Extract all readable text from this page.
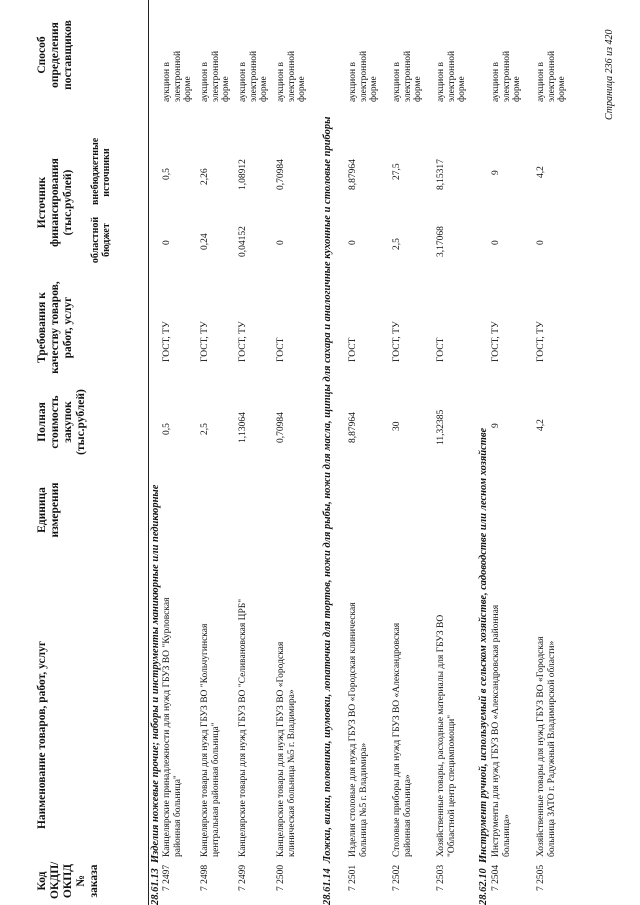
Код ОКДП/ ОКПД № заказа
Наименование товаров, работ, услуг
Единица измерения
Полная стоимость закупок (тыс.рублей)
Требования к качеству товаров, работ, услуг
Источник финансирования (тыс.рублей)
областной бюджет
внебюджетные источники
Способ определения поставщиков
28.61.13  Изделия ножевые прочие; наборы и инструменты маникюрные или педикюрные
7 2497
Канцелярские принадлежности для нужд ГБУЗ ВО "Курловская районная больница"
0,5
ГОСТ, ТУ
0
0,5
аукцион в электронной форме
7 2498
Канцелярские товары для нужд ГБУЗ ВО "Кольчугинская центральная районная больница"
2,5
ГОСТ, ТУ
0,24
2,26
аукцион в электронной форме
7 2499
Канцелярские товары для нужд ГБУЗ ВО "Селивановская ЦРБ"
1,13064
ГОСТ, ТУ
0,04152
1,08912
аукцион в электронной форме
7 2500
Канцелярские товары для нужд ГБУЗ ВО «Городская клиническая больница №5 г. Владимира»
0,70984
ГОСТ
0
0,70984
аукцион в электронной форме
28.61.14  Ложки, вилки, половники, шумовки, лопаточки для тортов, ножи для рыбы, ножи для масла, щипцы для сахара и аналогичные кухонные и столовые приборы
7 2501
Изделия столовые для нужд ГБУЗ ВО «Городская клиническая больница №5 г. Владимира»
8,87964
ГОСТ
0
8,87964
аукцион в электронной форме
7 2502
Столовые приборы для нужд ГБУЗ ВО «Александровская районная больница»
30
ГОСТ, ТУ
2,5
27,5
аукцион в электронной форме
7 2503
Хозяйственные товары, расходные материалы для ГБУЗ ВО "Областной центр специмпомощи"
11,32385
ГОСТ
3,17068
8,15317
аукцион в электронной форме
28.62.10  Инструмент ручной, используемый в сельском хозяйстве, садоводстве или лесном хозяйстве
7 2504
Инструменты для нужд ГБУЗ ВО «Александровская районная больница»
9
ГОСТ, ТУ
0
9
аукцион в электронной форме
7 2505
Хозяйственные товары для нужд ГБУЗ ВО «Городская больница ЗАТО г. Радужный Владимирской области»
4,2
ГОСТ, ТУ
0
4,2
аукцион в электронной форме	Страница 236 из 420
